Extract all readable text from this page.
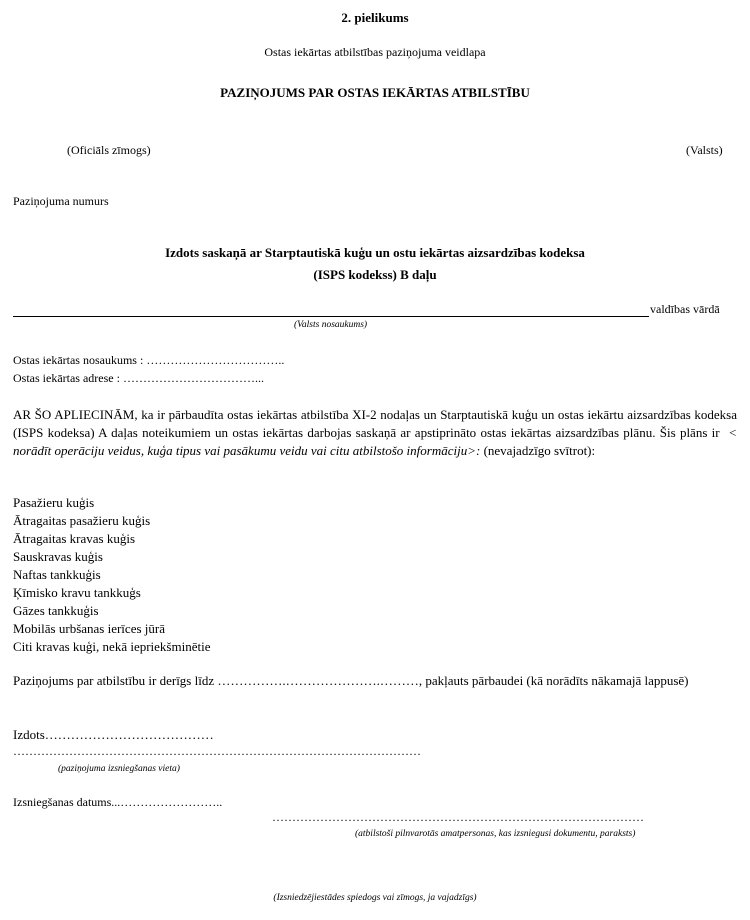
2. pielikums
Ostas iekārtas atbilstības paziņojuma veidlapa
PAZIŅOJUMS PAR OSTAS IEKĀRTAS ATBILSTĪBU
(Oficiāls zīmogs)	(Valsts)
Paziņojuma numurs
Izdots saskaņā ar Starptautiskā kuģu un ostu iekārtas aizsardzības kodeksa
(ISPS kodekss) B daļu
valdības vārdā
(Valsts nosaukums)
Ostas iekārtas nosaukums : ……………………………..
Ostas iekārtas adrese : ……………………………...
AR ŠO APLIECINĀM, ka ir pārbaudīta ostas iekārtas atbilstība XI-2 nodaļas un Starptautiskā kuģu un ostas iekārtu aizsardzības kodeksa (ISPS kodeksa) A daļas noteikumiem un ostas iekārtas darbojas saskaņā ar apstiprināto ostas iekārtas aizsardzības plānu. Šis plāns ir < norādīt operāciju veidus, kuģa tipus vai pasākumu veidu vai citu atbilstošo informāciju>: (nevajadzīgo svītrot):
Pasažieru kuģis
Ātragaitas pasažieru kuģis
Ātragaitas kravas kuģis
Sauskravas kuģis
Naftas tankkuģis
Ķīmisko kravu tankkuģs
Gāzes tankkuģis
Mobilās urbšanas ierīces jūrā
Citi kravas kuģi, nekā iepriekšminētie
Paziņojums par atbilstību ir derīgs līdz …………….………………….………, pakļauts pārbaudei (kā norādīts nākamajā lappusē)
Izdots…………………………………
…………………………………………………………………………………………
(paziņojuma izsniegšanas vieta)
Izsniegšanas datums...……………………..
…………………………………………………………………………………
(atbilstoši pilnvarotās amatpersonas, kas izsniegusi dokumentu, paraksts)
(Izsniedzējiestādes spiedogs vai zīmogs, ja vajadzīgs)
